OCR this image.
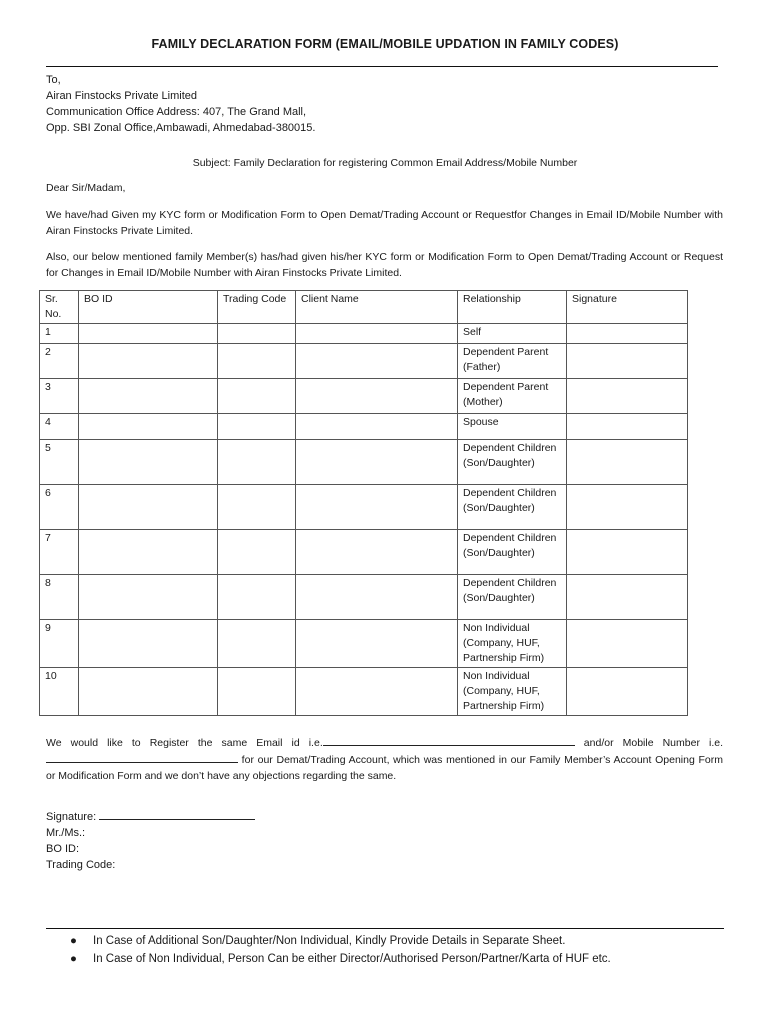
FAMILY DECLARATION FORM (EMAIL/MOBILE UPDATION IN FAMILY CODES)
To,
Airan Finstocks Private Limited
Communication Office Address: 407, The Grand Mall,
Opp. SBI Zonal Office,Ambawadi, Ahmedabad-380015.
Subject: Family Declaration for registering Common Email Address/Mobile Number
Dear Sir/Madam,
We have/had Given my KYC form or Modification Form to Open Demat/Trading Account or Requestfor Changes in Email ID/Mobile Number with Airan Finstocks Private Limited.
Also, our below mentioned family Member(s) has/had given his/her KYC form or Modification Form to Open Demat/Trading Account or Request for Changes in Email ID/Mobile Number with Airan Finstocks Private Limited.
Sr. No.	BO ID	Trading Code	Client Name	Relationship	Signature
1				Self	
2				Dependent Parent (Father)	
3				Dependent Parent (Mother)	
4				Spouse	
5				Dependent Children (Son/Daughter)	
6				Dependent Children (Son/Daughter)	
7				Dependent Children (Son/Daughter)	
8				Dependent Children (Son/Daughter)	
9				Non Individual (Company, HUF, Partnership Firm)	
10				Non Individual (Company, HUF, Partnership Firm)	
We would like to Register the same Email id i.e.	and/or Mobile Number i.e.  for our Demat/Trading Account, which was mentioned in our Family Member’s Account Opening Form or Modification Form and we don’t have any objections regarding the same.
Signature:
Mr./Ms.:
BO ID:
Trading Code:
● In Case of Additional Son/Daughter/Non Individual, Kindly Provide Details in Separate Sheet.
● In Case of Non Individual, Person Can be either Director/Authorised Person/Partner/Karta of HUF etc.
